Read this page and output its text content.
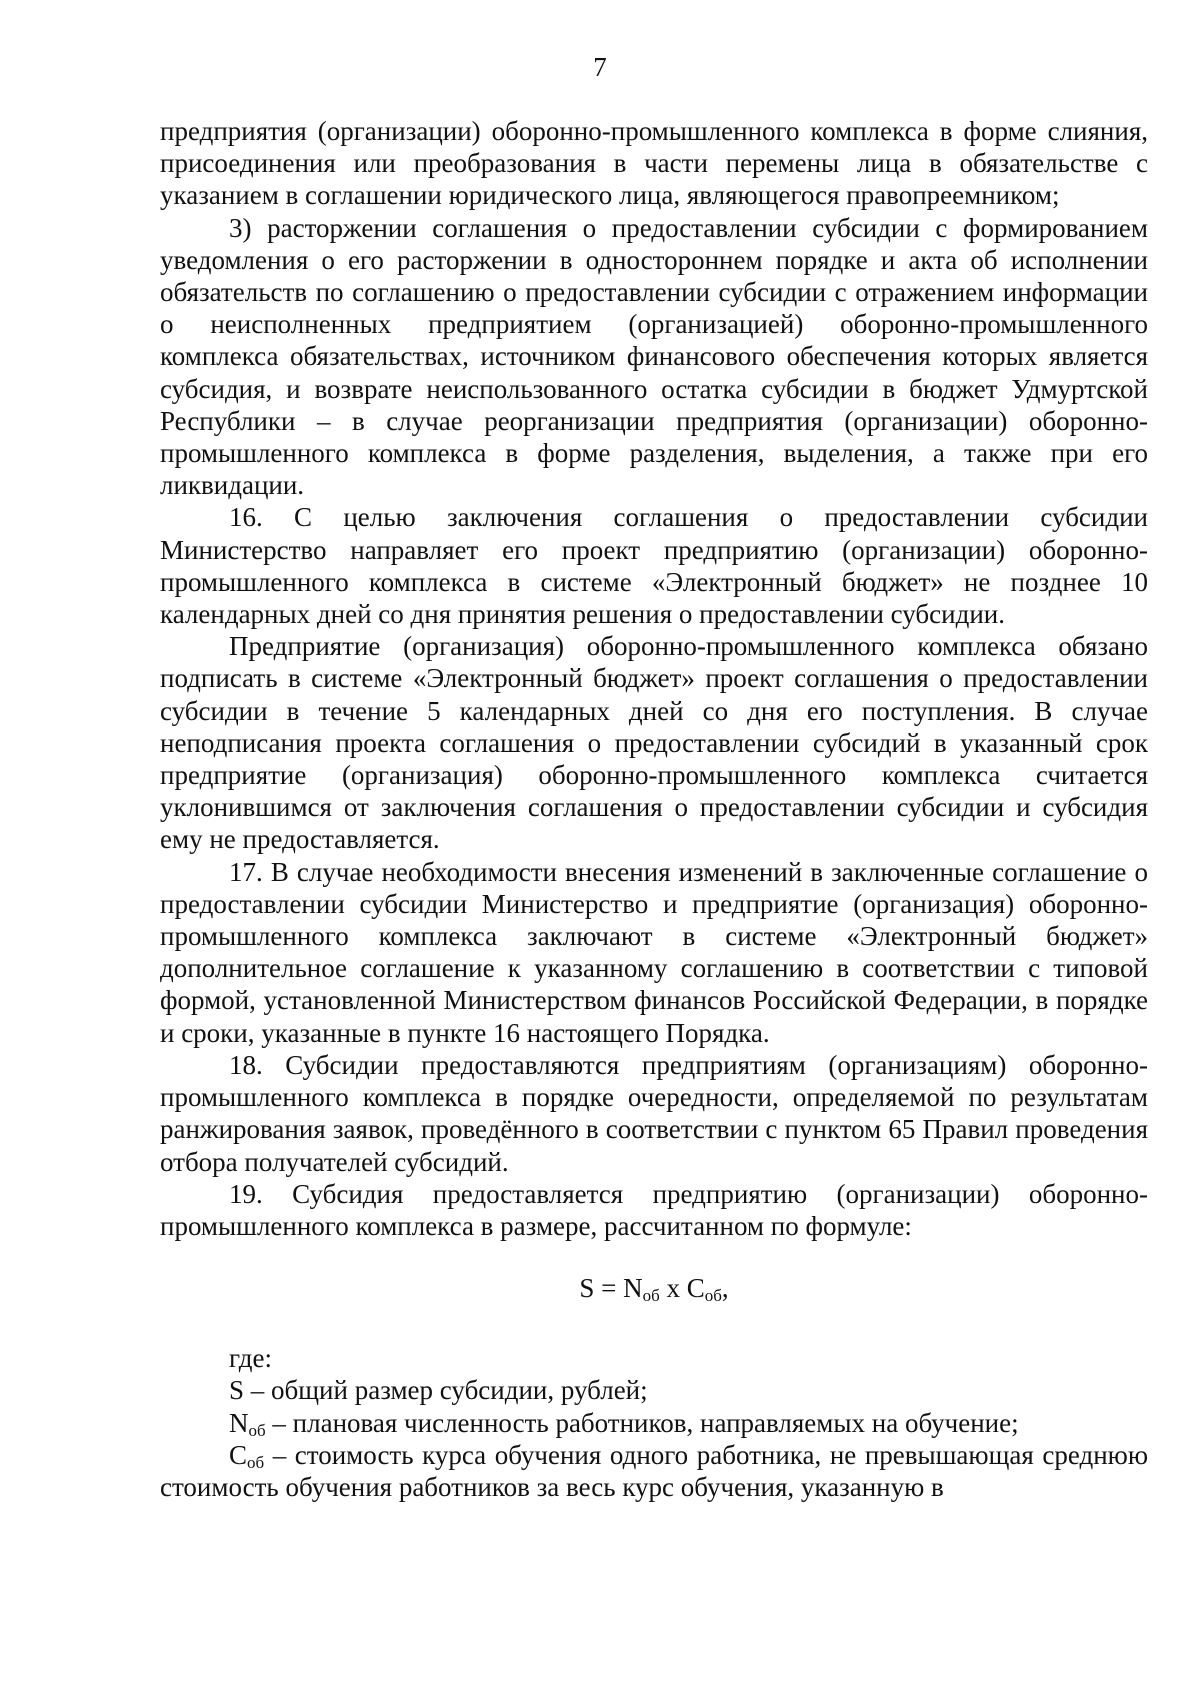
7

предприятия (организации) оборонно-промышленного комплекса в форме слияния, присоединения или преобразования в части перемены лица в обязательстве с указанием в соглашении юридического лица, являющегося правопреемником;

3) расторжении соглашения о предоставлении субсидии с формированием уведомления о его расторжении в одностороннем порядке и акта об исполнении обязательств по соглашению о предоставлении субсидии с отражением информации о неисполненных предприятием (организацией) оборонно-промышленного комплекса обязательствах, источником финансового обеспечения которых является субсидия, и возврате неиспользованного остатка субсидии в бюджет Удмуртской Республики – в случае реорганизации предприятия (организации) оборонно-промышленного комплекса в форме разделения, выделения, а также при его ликвидации.

16. С целью заключения соглашения о предоставлении субсидии Министерство направляет его проект предприятию (организации) оборонно-промышленного комплекса в системе «Электронный бюджет» не позднее 10 календарных дней со дня принятия решения о предоставлении субсидии.

Предприятие (организация) оборонно-промышленного комплекса обязано подписать в системе «Электронный бюджет» проект соглашения о предоставлении субсидии в течение 5 календарных дней со дня его поступления. В случае неподписания проекта соглашения о предоставлении субсидий в указанный срок предприятие (организация) оборонно-промышленного комплекса считается уклонившимся от заключения соглашения о предоставлении субсидии и субсидия ему не предоставляется.

17. В случае необходимости внесения изменений в заключенные соглашение о предоставлении субсидии Министерство и предприятие (организация) оборонно-промышленного комплекса заключают в системе «Электронный бюджет» дополнительное соглашение к указанному соглашению в соответствии с типовой формой, установленной Министерством финансов Российской Федерации, в порядке и сроки, указанные в пункте 16 настоящего Порядка.

18. Субсидии предоставляются предприятиям (организациям) оборонно-промышленного комплекса в порядке очередности, определяемой по результатам ранжирования заявок, проведённого в соответствии с пунктом 65 Правил проведения отбора получателей субсидий.

19. Субсидия предоставляется предприятию (организации) оборонно-промышленного комплекса в размере, рассчитанном по формуле:

$S = N_{об}$ x $C_{об}$,

где:

S – общий размер субсидии, рублей;

$N_{об}$ – плановая численность работников, направляемых на обучение;

$C_{об}$ – стоимость курса обучения одного работника, не превышающая среднюю стоимость обучения работников за весь курс обучения, указанную в
